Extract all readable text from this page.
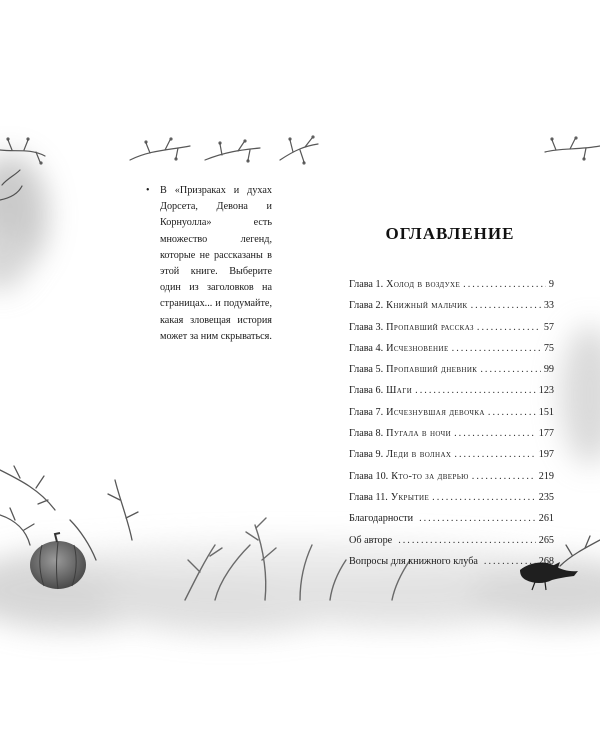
• В «Призраках и духах Дорсета, Девона и Корнуолла» есть множество легенд, которые не рассказаны в этой книге. Выберите один из заголовков на страницах... и подумайте, какая зловещая история может за ним скрываться.
ОГЛАВЛЕНИЕ
Глава 1. Холод в воздухе .....	9
Глава 2. Книжный мальчик .....	33
Глава 3. Пропавший рассказ .....	57
Глава 4. Исчезновение .....	75
Глава 5. Пропавший дневник .....	99
Глава 6. Шаги .....	123
Глава 7. Исчезнувшая девочка .....	151
Глава 8. Пугала в ночи .....	177
Глава 9. Леди в волнах .....	197
Глава 10. Кто-то за дверью .....	219
Глава 11. Укрытие .....	235
Благодарности .....	261
Об авторе .....	265
Вопросы для книжного клуба .....	268
